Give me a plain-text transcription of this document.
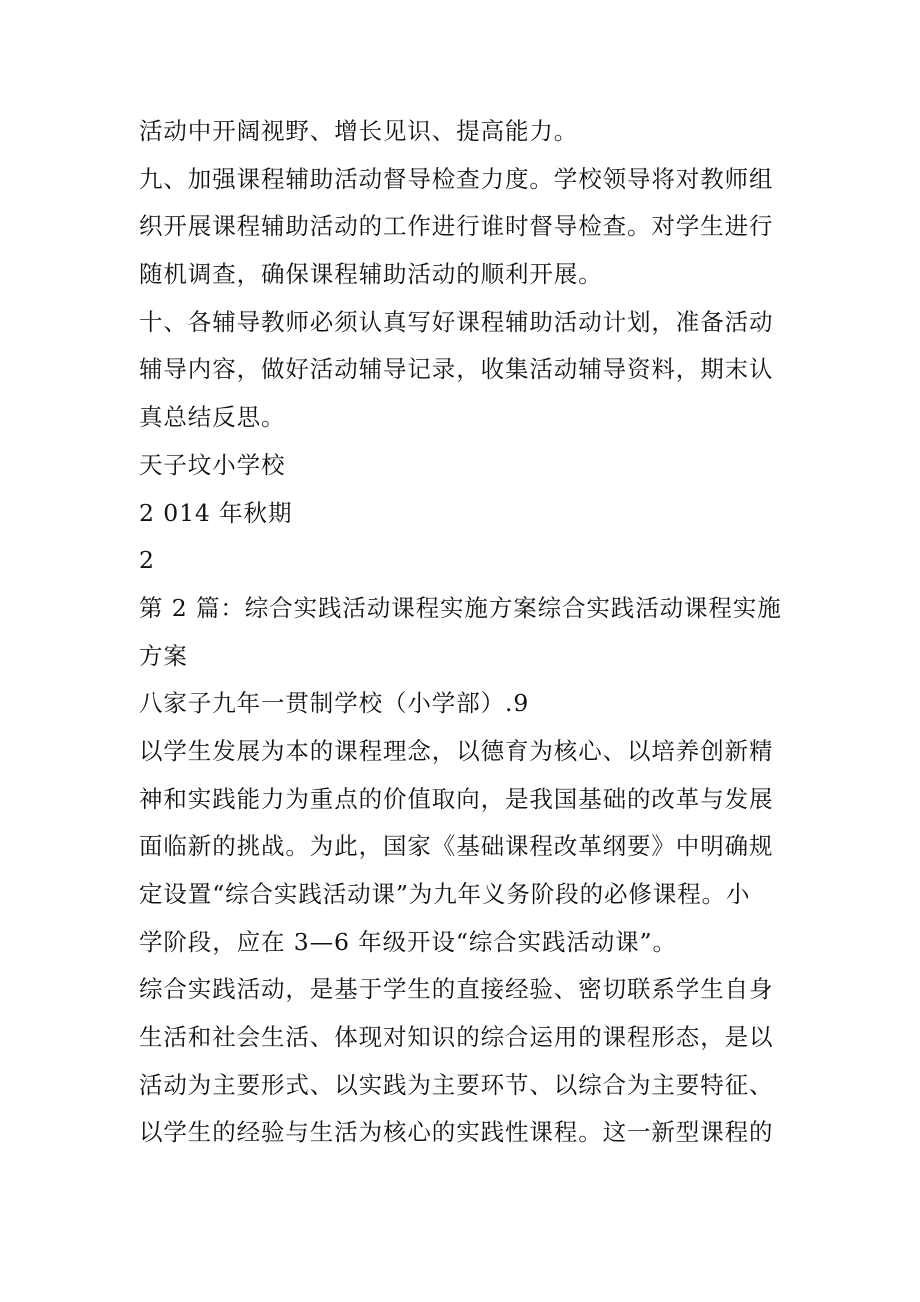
活动中开阔视野、增长见识、提高能力。
九、加强课程辅助活动督导检查力度。学校领导将对教师组
织开展课程辅助活动的工作进行谁时督导检查。对学生进行
随机调查，确保课程辅助活动的顺利开展。
十、各辅导教师必须认真写好课程辅助活动计划，准备活动
辅导内容，做好活动辅导记录，收集活动辅导资料，期末认
真总结反思。
天子坟小学校
2 014 年秋期
2
第 2 篇：综合实践活动课程实施方案综合实践活动课程实施
方案
八家子九年一贯制学校（小学部）.9
以学生发展为本的课程理念，以德育为核心、以培养创新精
神和实践能力为重点的价值取向，是我国基础的改革与发展
面临新的挑战。为此，国家《基础课程改革纲要》中明确规
定设置“综合实践活动课”为九年义务阶段的必修课程。小
学阶段，应在 3—6 年级开设“综合实践活动课”。
综合实践活动，是基于学生的直接经验、密切联系学生自身
生活和社会生活、体现对知识的综合运用的课程形态，是以
活动为主要形式、以实践为主要环节、以综合为主要特征、
以学生的经验与生活为核心的实践性课程。这一新型课程的
